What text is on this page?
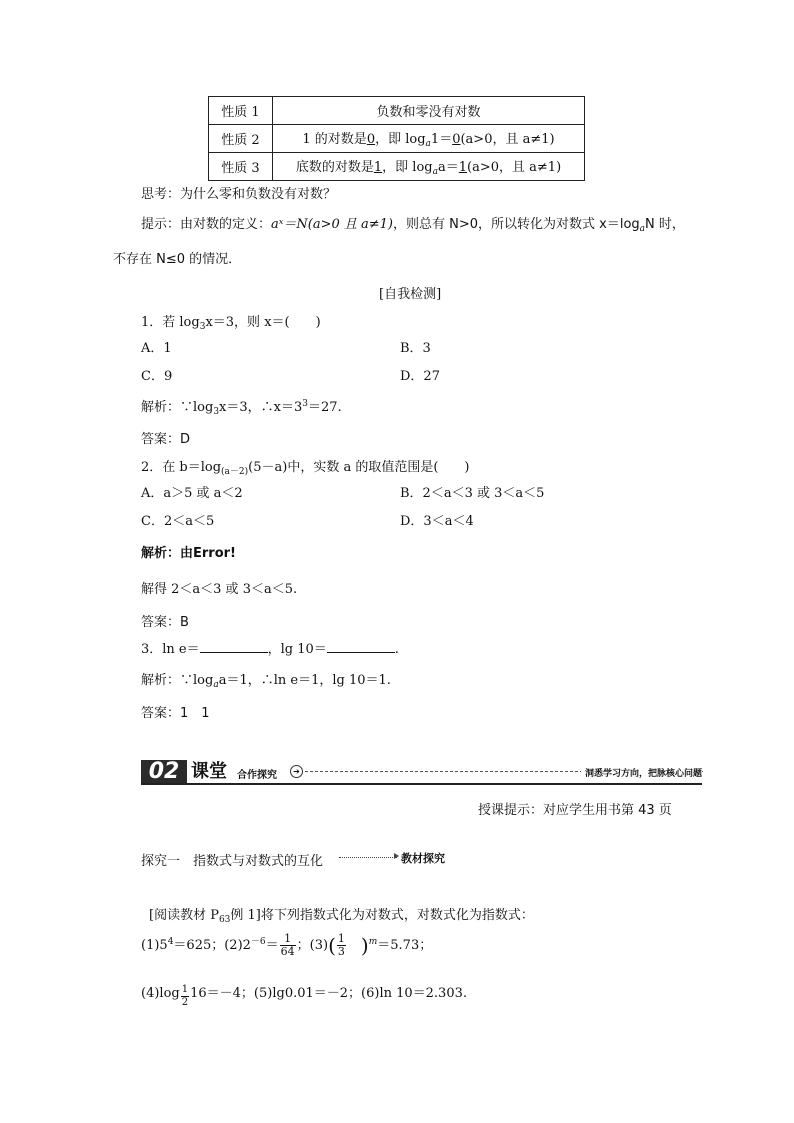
性质 1	负数和零没有对数
性质 2	1 的对数是0，即 $\log_a1=0(a>0$，且 a≠1)
性质 3	底数的对数是1，即 $\log_aa=1(a>0$，且 a≠1)
思考：为什么零和负数没有对数？
提示：由对数的定义：aˣ＝N(a>0 且 a≠1)，则总有 N>0，所以转化为对数式 $x=\log_aN$ 时，
不存在 N≤0 的情况．
[自我检测]
1．若 $\log_3x=3$，则 x＝(　　)
A．1	B．3
C．9	D．27
解析：$\because\log_3x=3$，$\therefore x=3^3=27$.
答案：D
2．在 $b=\log_{(a-2)}(5-a)$中，实数 a 的取值范围是(　　)
A．a＞5 或 a＜2	B．2＜a＜3 或 3＜a＜5
C．2＜a＜5	D．3＜a＜4
解析：由Error!
解得 2＜a＜3 或 3＜a＜5.
答案：B
3．ln e＝	，lg 10＝	.
解析：$\because\log_aa=1$，∴ln e＝1，lg 10＝1.
答案：1　1
02 课堂 合作探究	➔	洞悉学习方向，把脉核心问题
授课提示：对应学生用书第 43 页
探究一　指数式与对数式的互化	教材探究
[阅读教材 $P_{63}$例 1]将下列指数式化为对数式，对数式化为指数式：
$(1)5^4=625$；$(2)2^{-6}= \frac{1}{64}$ ；$(3)( \frac{1}{3} )^m=5.73$；
$(4)\log \frac{1}{2} 16=-4$；(5)lg0.01＝－2；(6)ln 10＝2.303.
